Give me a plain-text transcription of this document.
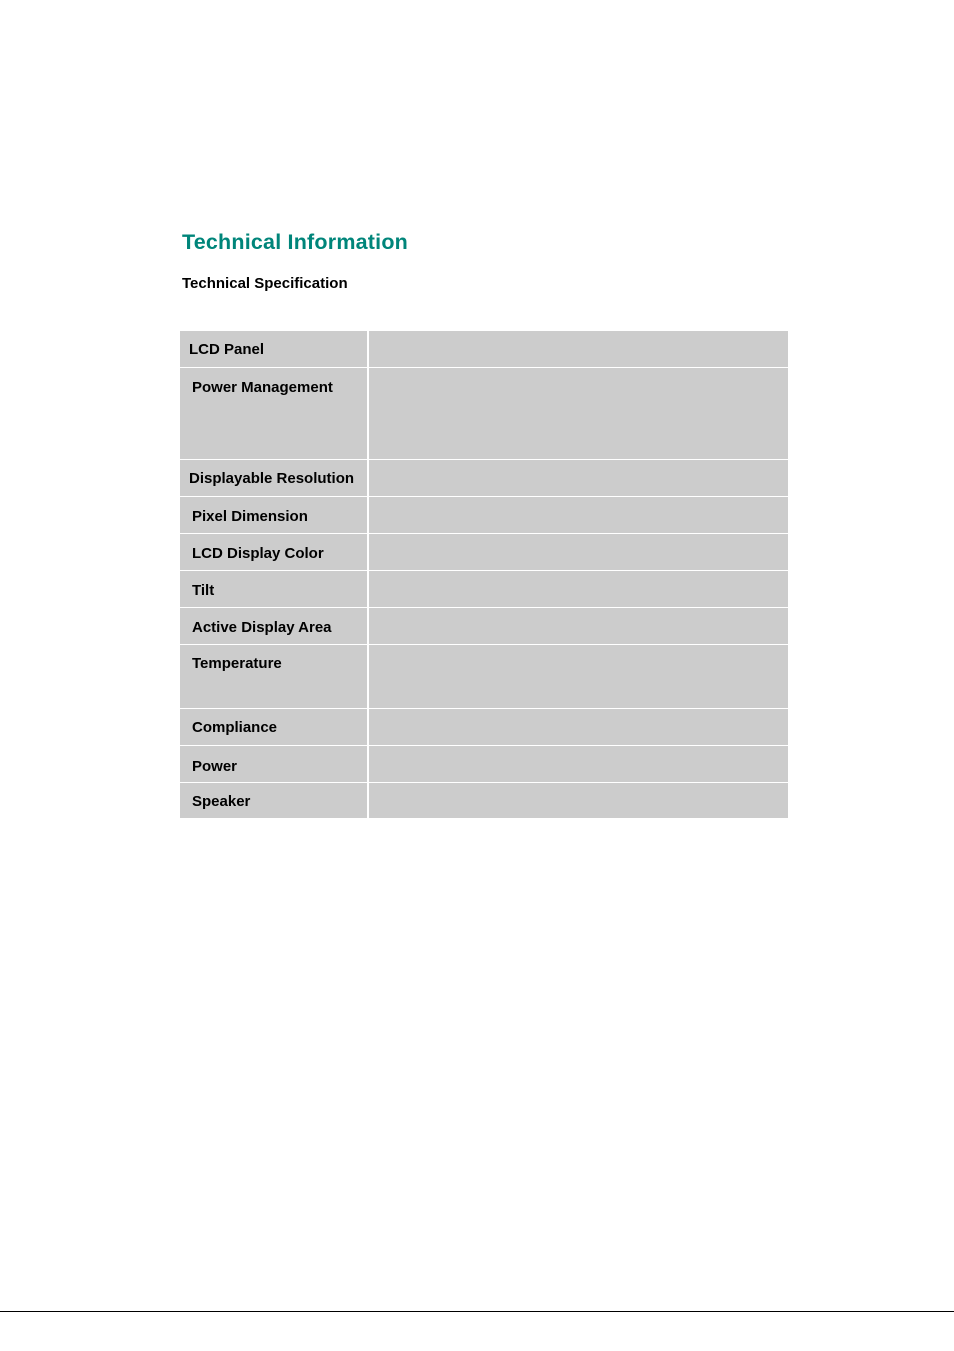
Technical Information
Technical Specification
LCD Panel	

Power Management	

Displayable Resolution	

Pixel Dimension	

LCD Display Color	

Tilt	

Active Display Area	

Temperature	

Compliance	

Power	

Speaker	
